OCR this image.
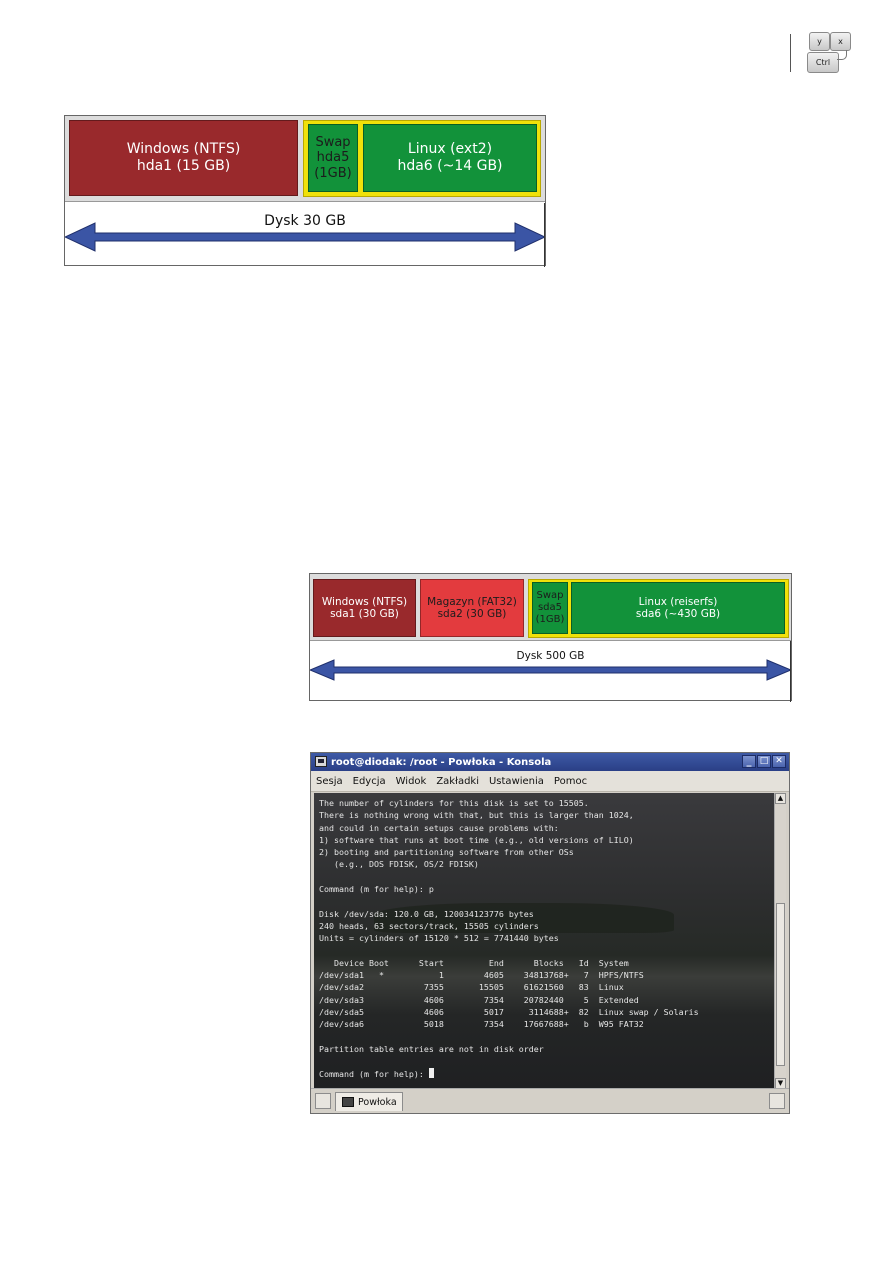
y	x
Ctrl
Windows (NTFS)
hda1 (15 GB)
Swap
hda5
(1GB)
Linux (ext2)
hda6 (~14 GB)
Dysk 30 GB
Windows (NTFS)
sda1 (30 GB)
Magazyn (FAT32)
sda2 (30 GB)
Swap
sda5
(1GB)
Linux (reiserfs)
sda6 (~430 GB)
Dysk 500 GB
root@diodak: /root - Powłoka - Konsola	_ □ ✕
Sesja	Edycja	Widok	Zakładki	Ustawienia	Pomoc
The number of cylinders for this disk is set to 15505.
There is nothing wrong with that, but this is larger than 1024,
and could in certain setups cause problems with:
1) software that runs at boot time (e.g., old versions of LILO)
2) booting and partitioning software from other OSs
(e.g., DOS FDISK, OS/2 FDISK)

Command (m for help): p

Disk /dev/sda: 120.0 GB, 120034123776 bytes
240 heads, 63 sectors/track, 15505 cylinders
Units = cylinders of 15120 * 512 = 7741440 bytes

Device Boot      Start         End      Blocks   Id  System
/dev/sda1   *           1        4605    34813768+   7  HPFS/NTFS
/dev/sda2            7355       15505    61621560   83  Linux
/dev/sda3            4606        7354    20782440    5  Extended
/dev/sda5            4606        5017     3114688+  82  Linux swap / Solaris
/dev/sda6            5018        7354    17667688+   b  W95 FAT32

Partition table entries are not in disk order

Command (m for help):
▲
▼
Powłoka
